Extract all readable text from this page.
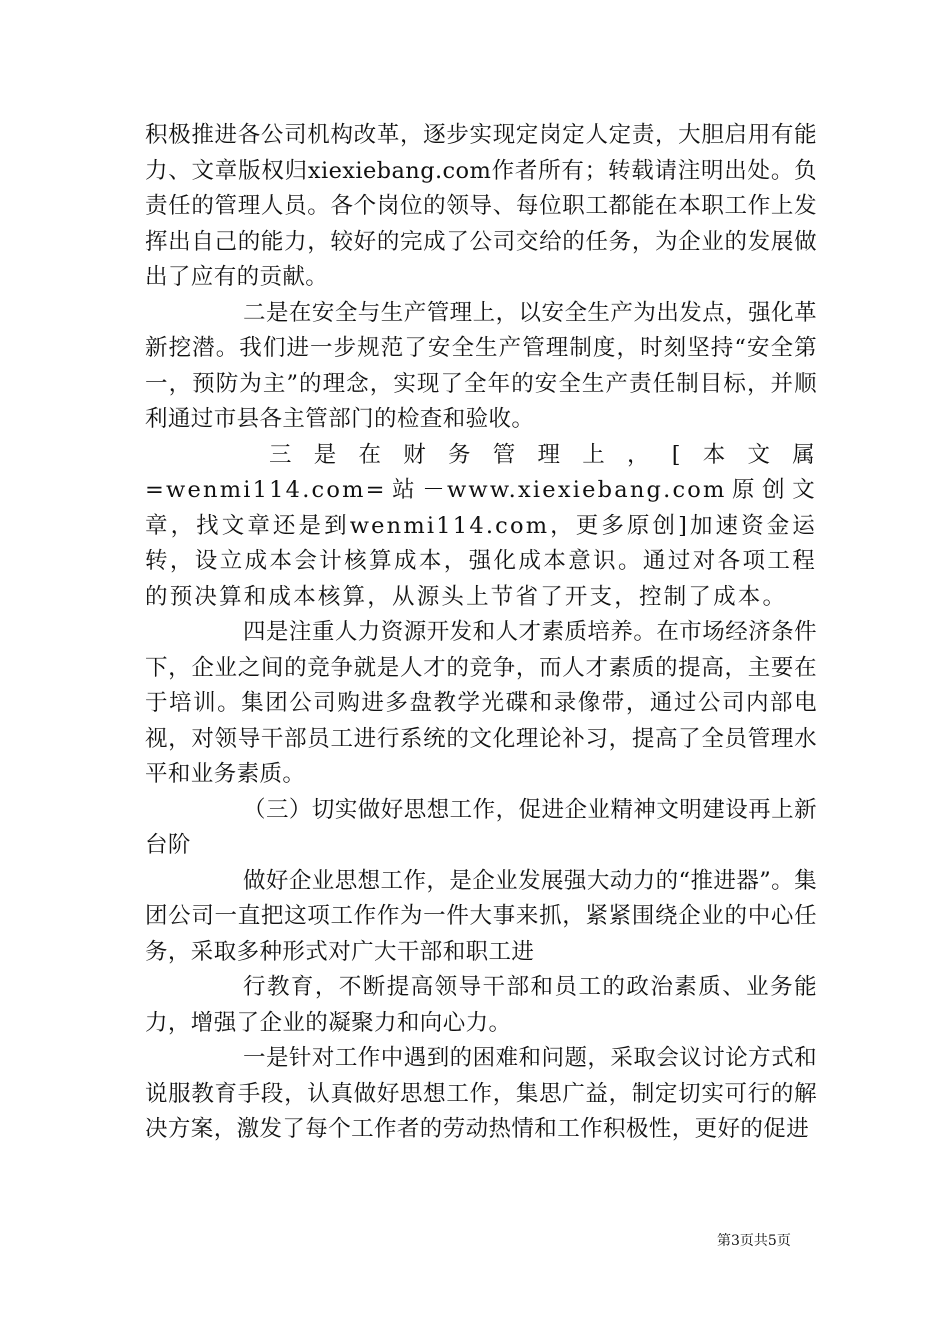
积极推进各公司机构改革，逐步实现定岗定人定责，大胆启用有能力、文章版权归xiexiebang.com作者所有；转载请注明出处。负责任的管理人员。各个岗位的领导、每位职工都能在本职工作上发挥出自己的能力，较好的完成了公司交给的任务，为企业的发展做出了应有的贡献。

二是在安全与生产管理上，以安全生产为出发点，强化革新挖潜。我们进一步规范了安全生产管理制度，时刻坚持“安全第一，预防为主”的理念，实现了全年的安全生产责任制目标，并顺利通过市县各主管部门的检查和验收。

三是在财务管理上，[本文属=wenmi114.com=站－www.xiexiebang.com原创文章，找文章还是到wenmi114.com，更多原创]加速资金运转，设立成本会计核算成本，强化成本意识。通过对各项工程的预决算和成本核算，从源头上节省了开支，控制了成本。

四是注重人力资源开发和人才素质培养。在市场经济条件下，企业之间的竞争就是人才的竞争，而人才素质的提高，主要在于培训。集团公司购进多盘教学光碟和录像带，通过公司内部电视，对领导干部员工进行系统的文化理论补习，提高了全员管理水平和业务素质。

（三）切实做好思想工作，促进企业精神文明建设再上新台阶

做好企业思想工作，是企业发展强大动力的“推进器”。集团公司一直把这项工作作为一件大事来抓，紧紧围绕企业的中心任务，采取多种形式对广大干部和职工进

行教育，不断提高领导干部和员工的政治素质、业务能力，增强了企业的凝聚力和向心力。

一是针对工作中遇到的困难和问题，采取会议讨论方式和说服教育手段，认真做好思想工作，集思广益，制定切实可行的解决方案，激发了每个工作者的劳动热情和工作积极性，更好的促进

第3页共5页
